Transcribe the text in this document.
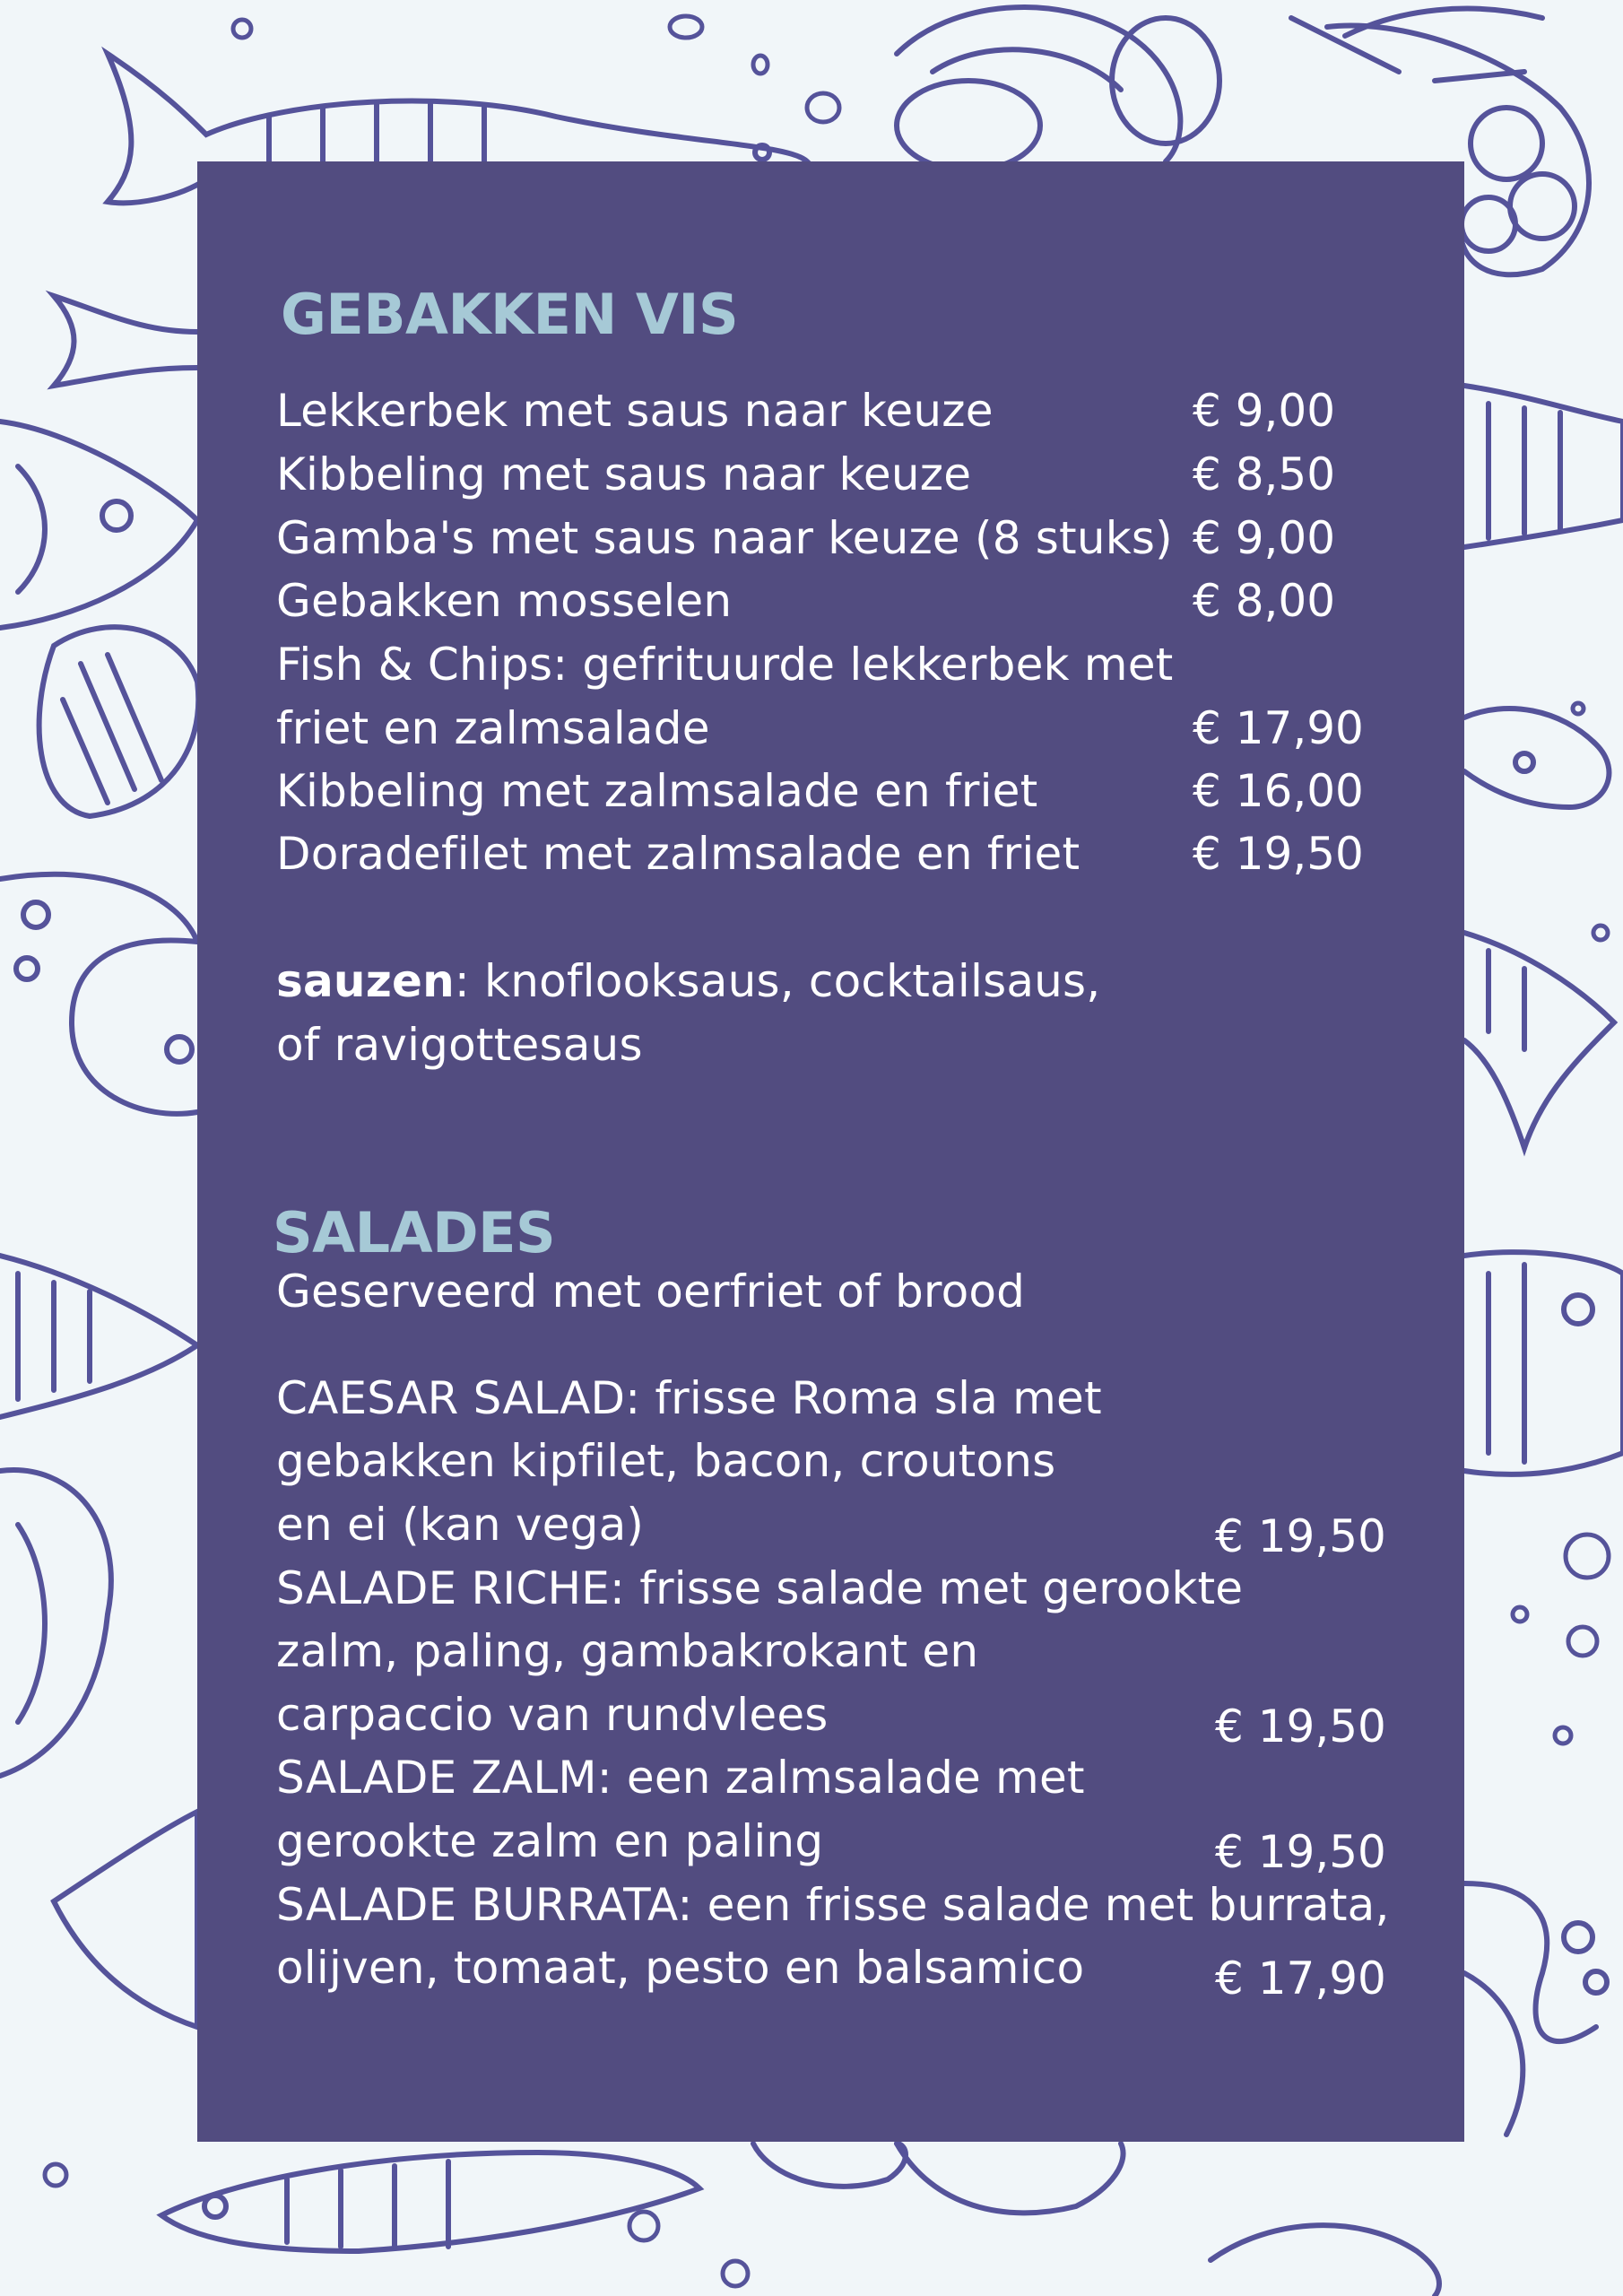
GEBAKKEN VIS
Lekkerbek met saus naar keuze	€ 9,00
Kibbeling met saus naar keuze	€ 8,50
Gamba's met saus naar keuze (8 stuks) € 9,00
Gebakken mosselen	€ 8,00
Fish & Chips: gefrituurde lekkerbek met
friet en zalmsalade	€ 17,90
Kibbeling met zalmsalade en friet	€ 16,00
Doradefilet met zalmsalade en friet	€ 19,50
sauzen: knoflooksaus, cocktailsaus,
of ravigottesaus
SALADES
Geserveerd met oerfriet of brood
CAESAR SALAD: frisse Roma sla met
gebakken kipfilet, bacon, croutons
en ei (kan vega)	€ 19,50
SALADE RICHE: frisse salade met gerookte
zalm, paling, gambakrokant en
carpaccio van rundvlees	€ 19,50
SALADE ZALM: een zalmsalade met
gerookte zalm en paling	€ 19,50
SALADE BURRATA: een frisse salade met burrata,
olijven, tomaat, pesto en balsamico	€ 17,90
